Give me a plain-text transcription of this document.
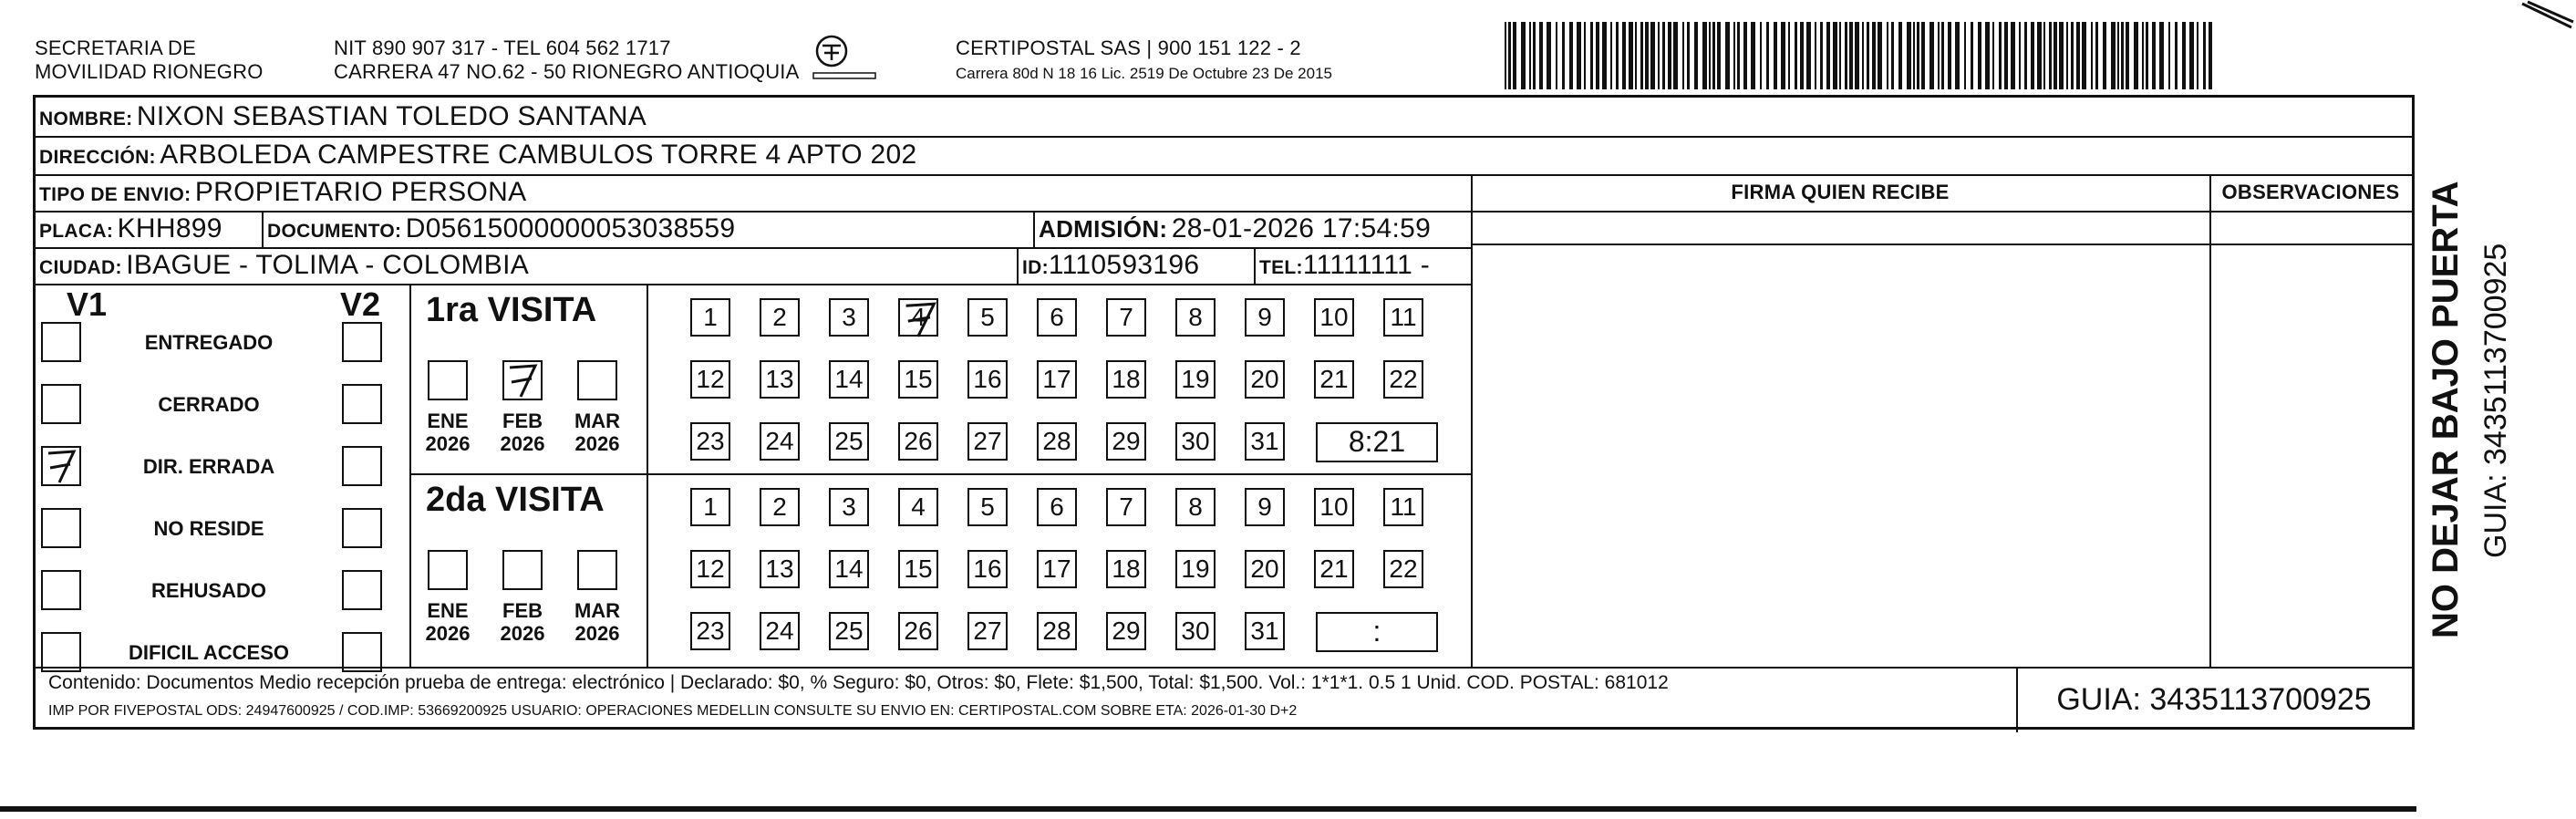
SECRETARIA DE
MOVILIDAD RIONEGRO
NIT 890 907 317 - TEL 604 562 1717
CARRERA 47 NO.62 - 50 RIONEGRO ANTIOQUIA
CERTIPOSTAL SAS | 900 151 122 - 2
Carrera 80d N 18 16 Lic. 2519 De Octubre 23 De 2015
NOMBRE: NIXON SEBASTIAN TOLEDO SANTANA
DIRECCIÓN: ARBOLEDA CAMPESTRE CAMBULOS TORRE 4 APTO 202
TIPO DE ENVIO: PROPIETARIO PERSONA	FIRMA QUIEN RECIBE	OBSERVACIONES
PLACA: KHH899 DOCUMENTO: D05615000000053038559	ADMISIÓN: 28-01-2026 17:54:59
CIUDAD: IBAGUE - TOLIMA - COLOMBIA	ID:1110593196	TEL:11111111 -
V1	V2 1ra VISITA
2da VISITA
Contenido: Documentos Medio recepción prueba de entrega: electrónico | Declarado: $0, % Seguro: $0, Otros: $0, Flete: $1,500, Total: $1,500. Vol.: 1*1*1. 0.5 1 Unid. COD. POSTAL: 681012
IMP POR FIVEPOSTAL ODS: 24947600925 / COD.IMP: 53669200925 USUARIO: OPERACIONES MEDELLIN CONSULTE SU ENVIO EN: CERTIPOSTAL.COM SOBRE ETA: 2026-01-30 D+2	GUIA: 3435113700925
ENTREGADO
CERRADO
DIR. ERRADA
NO RESIDE
REHUSADO
DIFICIL ACCESO
ENE
2026
FEB
2026
MAR
2026
1	2	3	4	5	6	7	8	9	10 11
12 13 14 15 16 17 18 19 20 21 22
23 24 25 26 27 28 29 30 31	8:21
ENE
2026
FEB
2026
MAR
2026
1	2	3	4	5	6	7	8	9	10 11
12 13 14 15 16 17 18 19 20 21 22
23 24 25 26 27 28 29 30 31	:	NO DEJAR BAJO PUERTA GUIA: 3435113700925
